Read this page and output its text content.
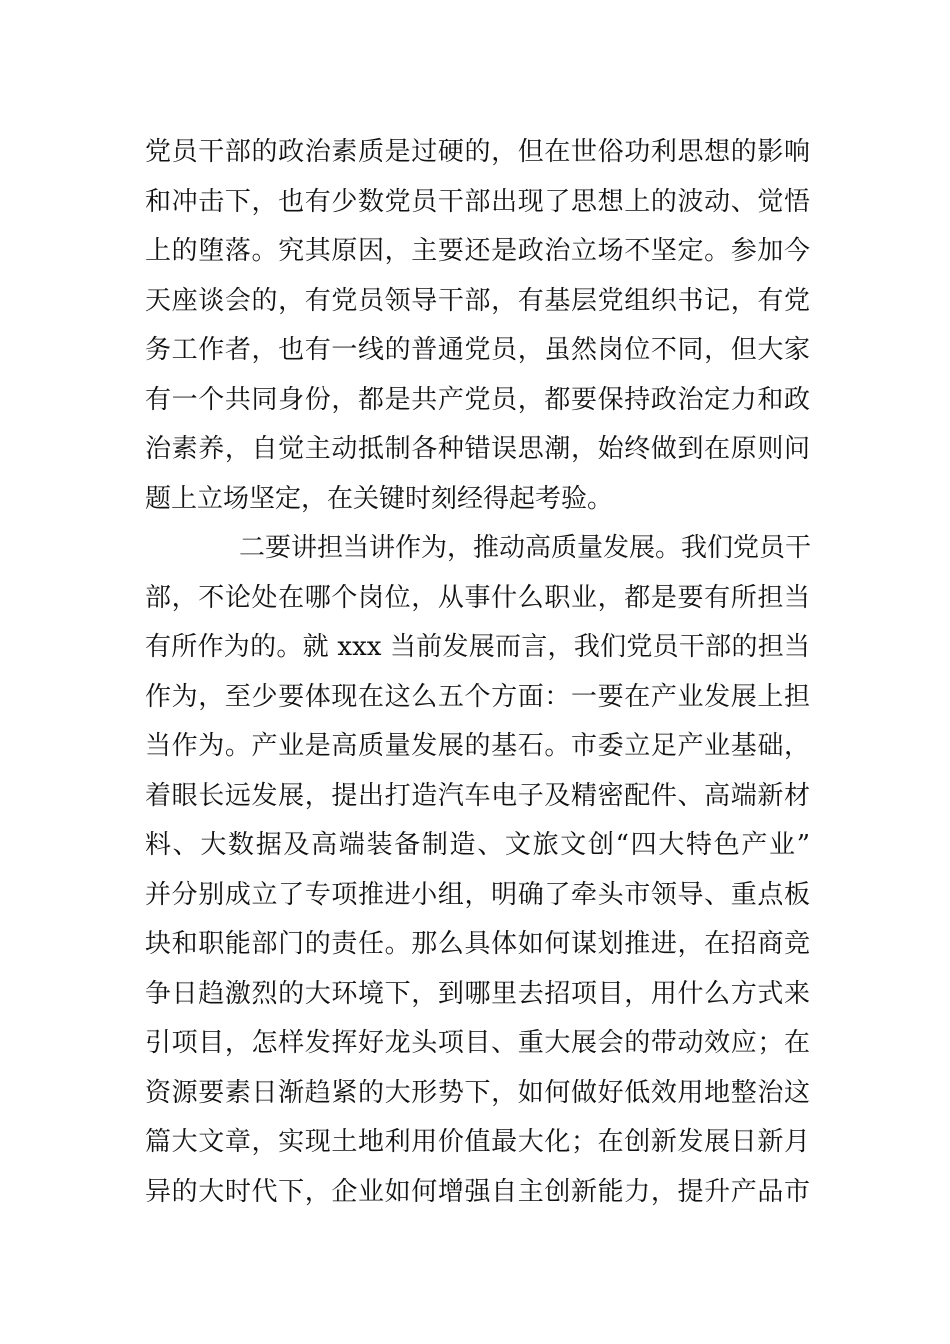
党员干部的政治素质是过硬的，但在世俗功利思想的影响
和冲击下，也有少数党员干部出现了思想上的波动、觉悟
上的堕落。究其原因，主要还是政治立场不坚定。参加今
天座谈会的，有党员领导干部，有基层党组织书记，有党
务工作者，也有一线的普通党员，虽然岗位不同，但大家
有一个共同身份，都是共产党员，都要保持政治定力和政
治素养，自觉主动抵制各种错误思潮，始终做到在原则问
题上立场坚定，在关键时刻经得起考验。
二要讲担当讲作为，推动高质量发展。我们党员干
部，不论处在哪个岗位，从事什么职业，都是要有所担当
有所作为的。就 xxx 当前发展而言，我们党员干部的担当
作为，至少要体现在这么五个方面：一要在产业发展上担
当作为。产业是高质量发展的基石。市委立足产业基础，
着眼长远发展，提出打造汽车电子及精密配件、高端新材
料、大数据及高端装备制造、文旅文创“四大特色产业”
并分别成立了专项推进小组，明确了牵头市领导、重点板
块和职能部门的责任。那么具体如何谋划推进，在招商竞
争日趋激烈的大环境下，到哪里去招项目，用什么方式来
引项目，怎样发挥好龙头项目、重大展会的带动效应；在
资源要素日渐趋紧的大形势下，如何做好低效用地整治这
篇大文章，实现土地利用价值最大化；在创新发展日新月
异的大时代下，企业如何增强自主创新能力，提升产品市
